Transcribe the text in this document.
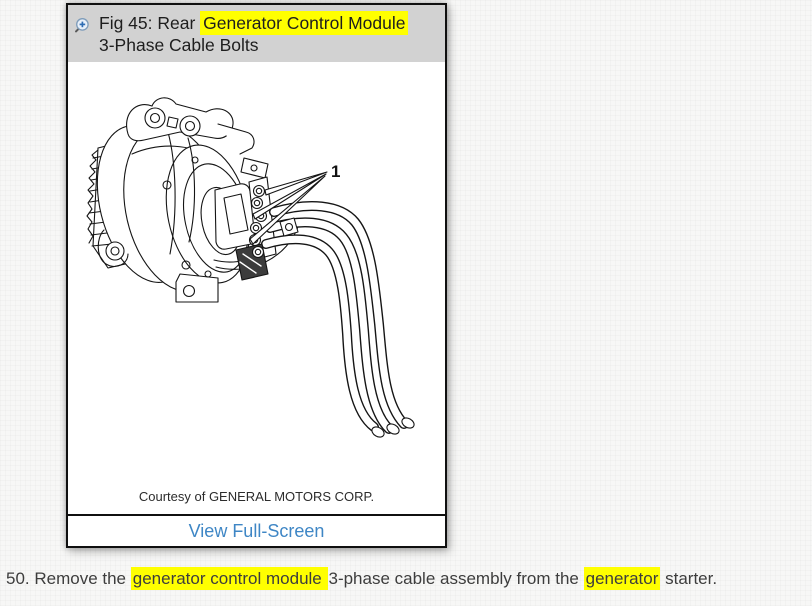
Fig 45: Rear Generator Control Module
3-Phase Cable Bolts
1
Courtesy of GENERAL MOTORS CORP.
View Full-Screen
50. Remove the generator control module 3-phase cable assembly from the generator starter.
